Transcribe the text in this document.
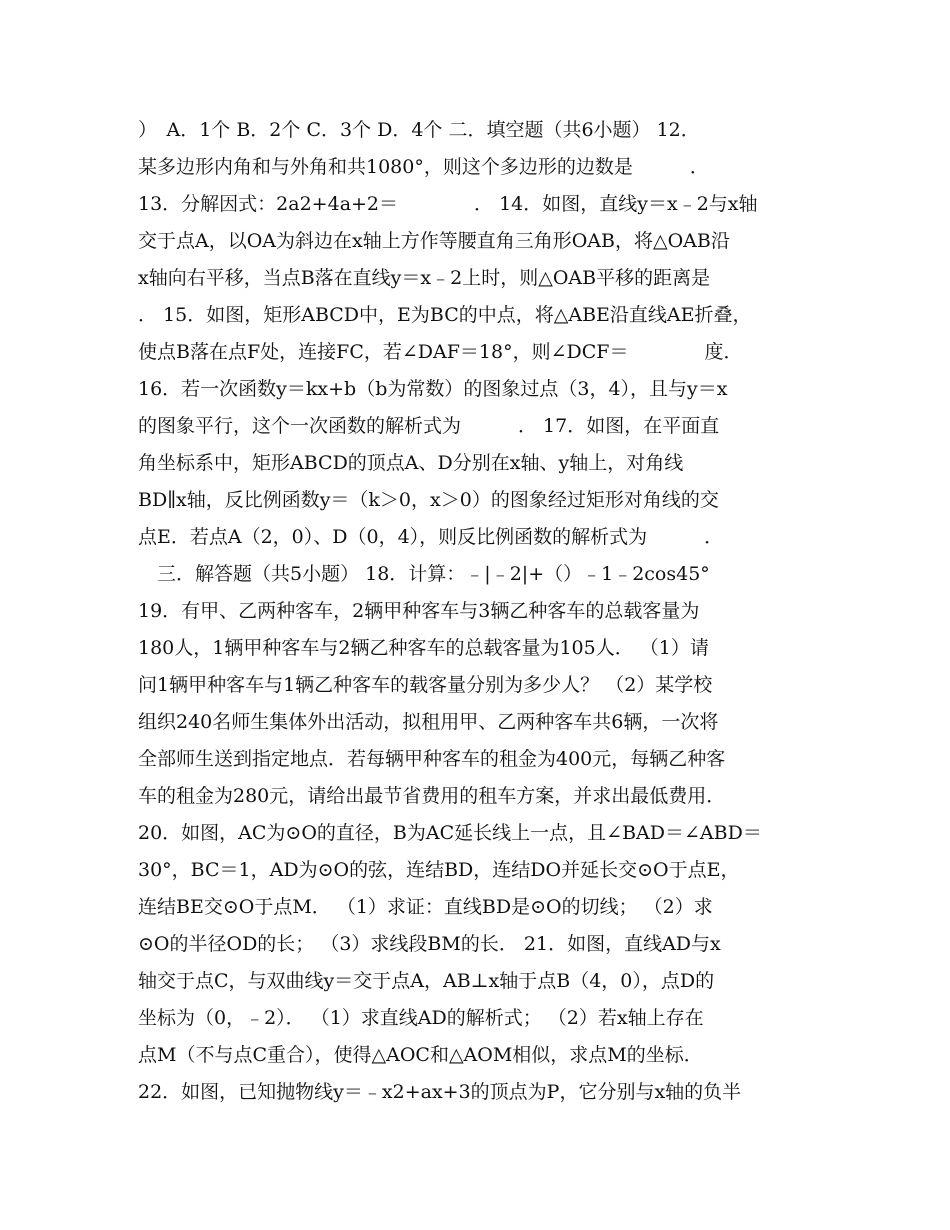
）　A．1个 B．2个 C．3个 D．4个 二．填空题（共6小题） 12．
某多边形内角和与外角和共1080°，则这个多边形的边数是　　　．
13．分解因式：2a2+4a+2＝　　　　． 14．如图，直线y＝x﹣2与x轴
交于点A，以OA为斜边在x轴上方作等腰直角三角形OAB，将△OAB沿
x轴向右平移，当点B落在直线y＝x﹣2上时，则△OAB平移的距离是
． 15．如图，矩形ABCD中，E为BC的中点，将△ABE沿直线AE折叠，
使点B落在点F处，连接FC，若∠DAF＝18°，则∠DCF＝　　　　度．
16．若一次函数y＝kx+b（b为常数）的图象过点（3，4），且与y＝x
的图象平行，这个一次函数的解析式为　　　． 17．如图，在平面直
角坐标系中，矩形ABCD的顶点A、D分别在x轴、y轴上，对角线
BD∥x轴，反比例函数y＝（k＞0，x＞0）的图象经过矩形对角线的交
点E．若点A（2，0）、D（0，4），则反比例函数的解析式为　　　．
　三．解答题（共5小题） 18．计算：﹣|﹣2|+（）﹣1﹣2cos45°
19．有甲、乙两种客车，2辆甲种客车与3辆乙种客车的总载客量为
180人，1辆甲种客车与2辆乙种客车的总载客量为105人． （1）请
问1辆甲种客车与1辆乙种客车的载客量分别为多少人？ （2）某学校
组织240名师生集体外出活动，拟租用甲、乙两种客车共6辆，一次将
全部师生送到指定地点．若每辆甲种客车的租金为400元，每辆乙种客
车的租金为280元，请给出最节省费用的租车方案，并求出最低费用．
20．如图，AC为⊙O的直径，B为AC延长线上一点，且∠BAD＝∠ABD＝
30°，BC＝1，AD为⊙O的弦，连结BD，连结DO并延长交⊙O于点E，
连结BE交⊙O于点M． （1）求证：直线BD是⊙O的切线； （2）求
⊙O的半径OD的长； （3）求线段BM的长． 21．如图，直线AD与x
轴交于点C，与双曲线y＝交于点A，AB⊥x轴于点B（4，0），点D的
坐标为（0，﹣2）． （1）求直线AD的解析式； （2）若x轴上存在
点M（不与点C重合），使得△AOC和△AOM相似，求点M的坐标．
22．如图，已知抛物线y＝﹣x2+ax+3的顶点为P，它分别与x轴的负半
